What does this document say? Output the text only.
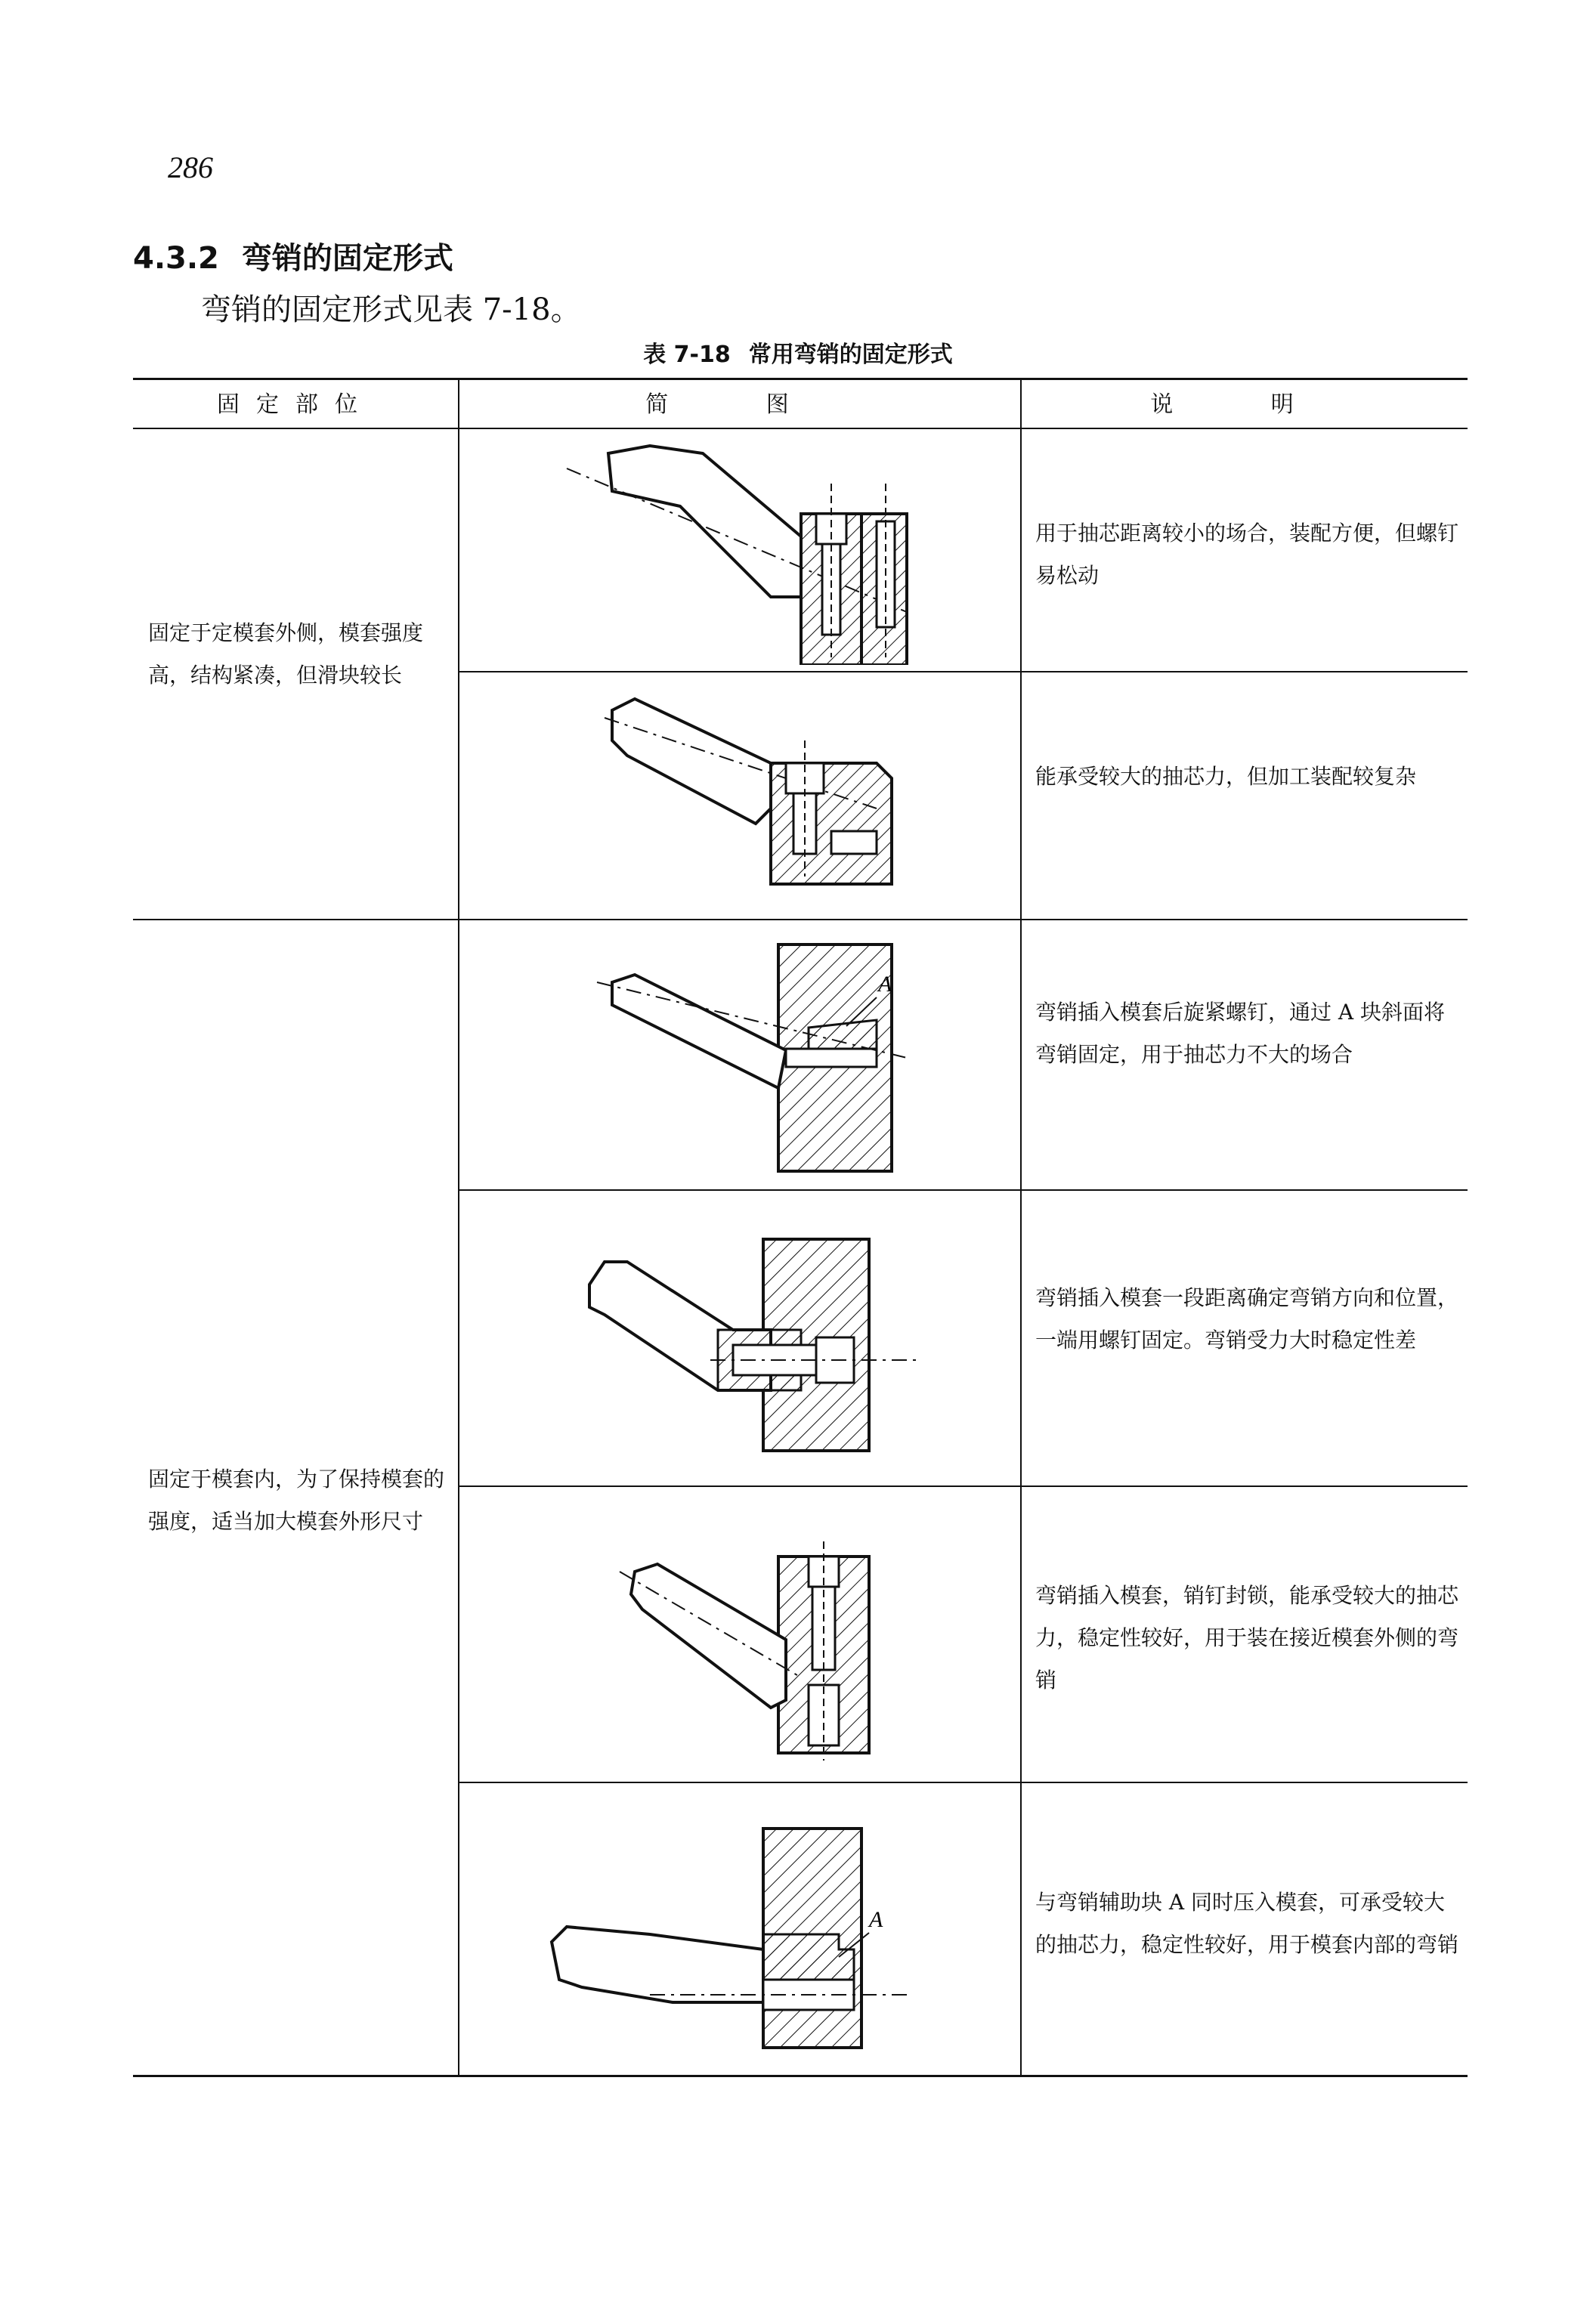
286
4.3.2 弯销的固定形式
弯销的固定形式见表 7-18。
表 7-18 常用弯销的固定形式
固定部位	简 图	说 明
固定于定模套外侧，模套强度高，结构紧凑，但滑块较长
固定于模套内，为了保持模套的强度，适当加大模套外形尺寸
用于抽芯距离较小的场合，装配方便，但螺钉易松动
能承受较大的抽芯力，但加工装配较复杂
弯销插入模套后旋紧螺钉，通过 A 块斜面将弯销固定，用于抽芯力不大的场合
弯销插入模套一段距离确定弯销方向和位置，一端用螺钉固定。弯销受力大时稳定性差
弯销插入模套，销钉封锁，能承受较大的抽芯力，稳定性较好，用于装在接近模套外侧的弯销
与弯销辅助块 A 同时压入模套，可承受较大的抽芯力，稳定性较好，用于模套内部的弯销
A
A
